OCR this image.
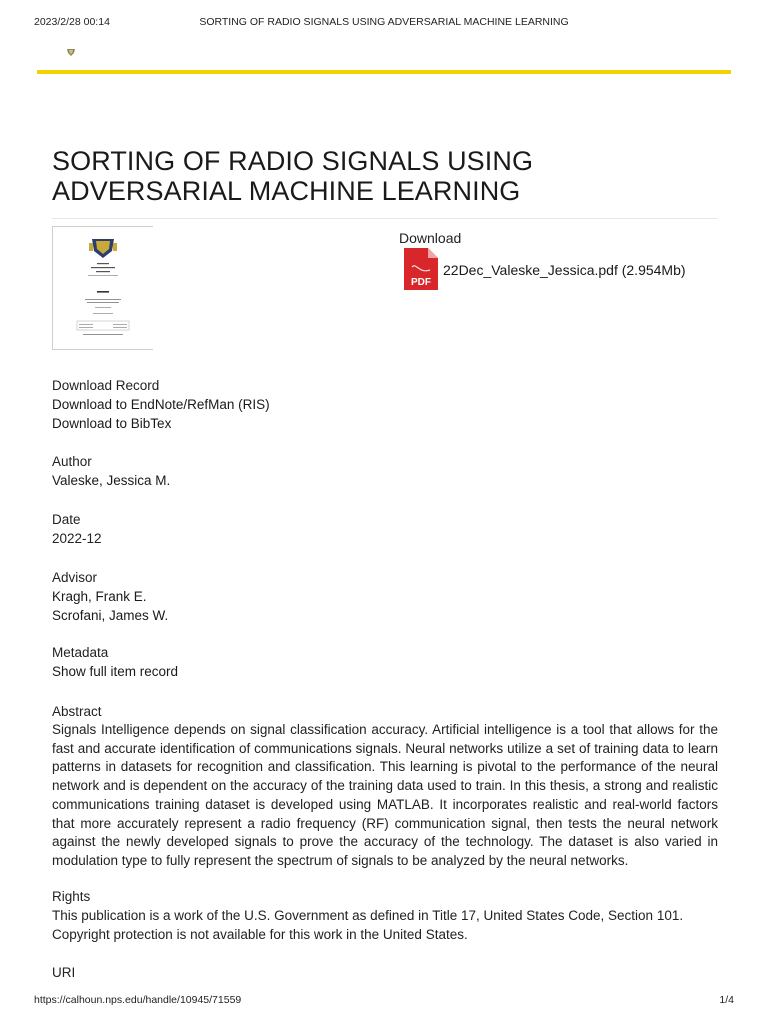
2023/2/28 00:14	SORTING OF RADIO SIGNALS USING ADVERSARIAL MACHINE LEARNING
SORTING OF RADIO SIGNALS USING
ADVERSARIAL MACHINE LEARNING
Download
PDF
22Dec_Valeske_Jessica.pdf (2.954Mb)

Download Record

Download to EndNote/RefMan (RIS)
Download to BibTex

Author

Valeske, Jessica M.

Date

2022-12

Advisor

Kragh, Frank E.
Scrofani, James W.

Metadata

Show full item record

Abstract

Signals Intelligence depends on signal classification accuracy. Artificial intelligence is a tool that allows for the fast and accurate identification of communications signals. Neural networks utilize a set of training data to learn patterns in datasets for recognition and classification. This learning is pivotal to the performance of the neural network and is dependent on the accuracy of the training data used to train. In this thesis, a strong and realistic communications training dataset is developed using MATLAB. It incorporates realistic and real-world factors that more accurately represent a radio frequency (RF) communication signal, then tests the neural network against the newly developed signals to prove the accuracy of the technology. The dataset is also varied in modulation type to fully represent the spectrum of signals to be analyzed by the neural networks.

Rights

This publication is a work of the U.S. Government as defined in Title 17, United States Code, Section 101. Copyright protection is not available for this work in the United States.

URI

https://calhoun.nps.edu/handle/10945/71559	1/4
